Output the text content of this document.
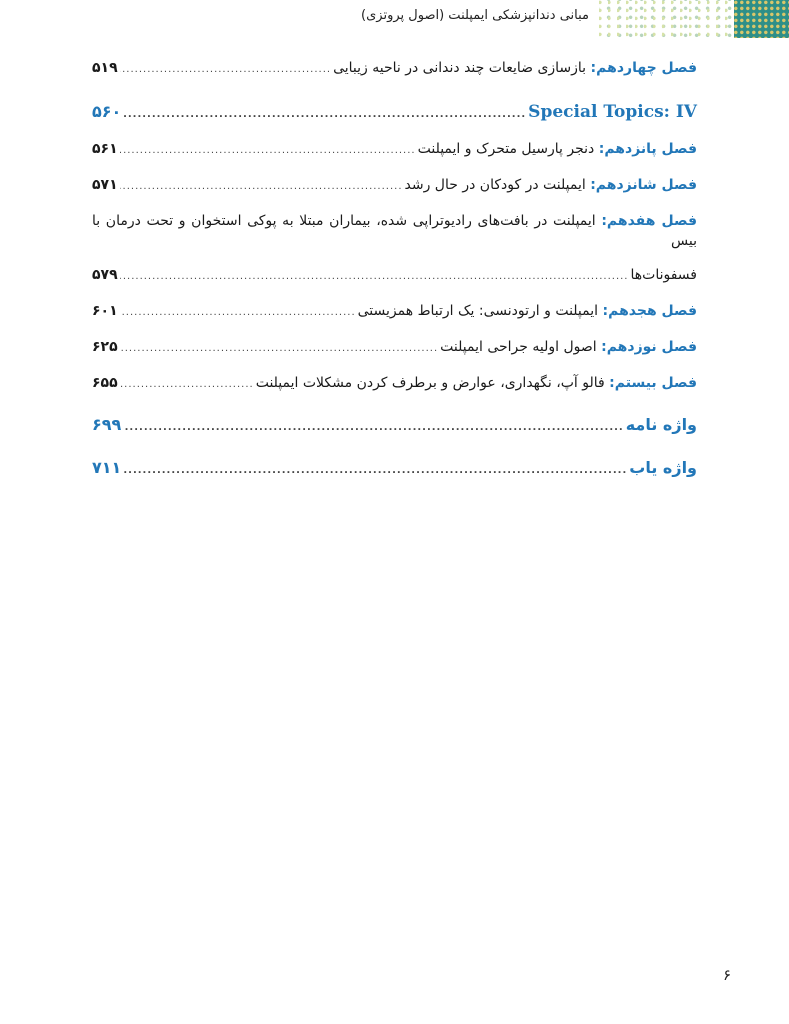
مبانی دندانپزشکی ایمپلنت (اصول پروتزی)
فصل چهاردهم: بازسازی ضایعات چند دندانی در ناحیه زیبایی
.....
۵۱۹
Special Topics: IV
.....
۵۶۰
فصل پانزدهم: دنجر پارسیل متحرک و ایمپلنت
.....
۵۶۱
فصل شانزدهم: ایمپلنت در کودکان در حال رشد
.....
۵۷۱
فصل هفدهم: ایمپلنت در بافت‌های رادیوتراپی شده، بیماران مبتلا به پوکی استخوان و تحت درمان با بیس
فسفونات‌ها
.....
۵۷۹
فصل هجدهم: ایمپلنت و ارتودنسی: یک ارتباط همزیستی
.....
۶۰۱
فصل نوزدهم: اصول اولیه جراحی ایمپلنت
.....
۶۲۵
فصل بیستم: فالو آپ، نگهداری، عوارض و برطرف کردن مشکلات ایمپلنت
.....
۶۵۵
واژه نامه
.....
۶۹۹
واژه یاب
.....
۷۱۱
۶
